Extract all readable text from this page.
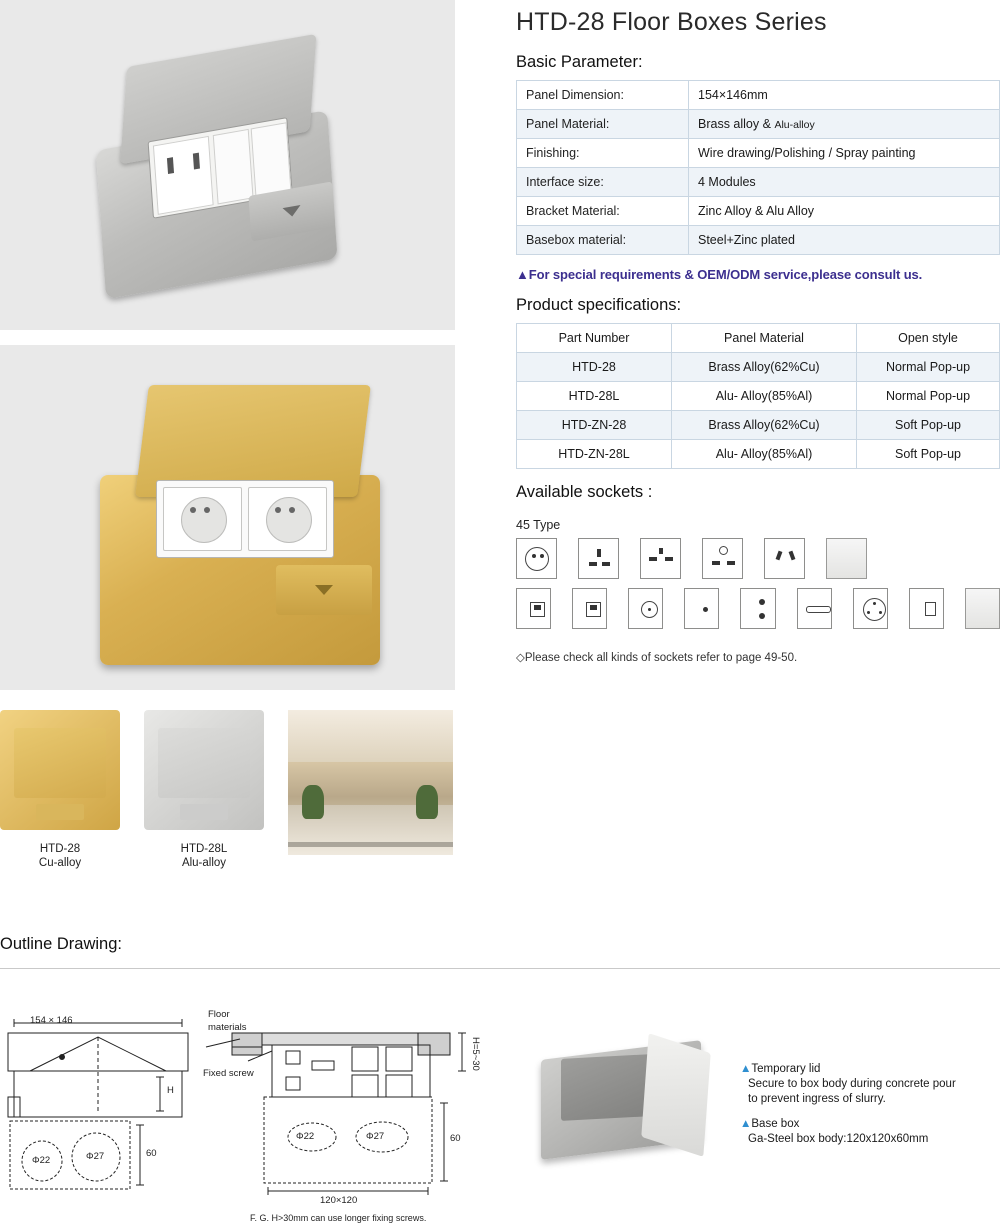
HTD-28
Cu-alloy
HTD-28L
Alu-alloy
HTD-28 Floor Boxes Series
Basic Parameter:
Panel Dimension:	154×146mm
Panel Material:	Brass alloy & Alu-alloy
Finishing:	Wire drawing/Polishing / Spray painting
Interface size:	4 Modules
Bracket Material:	Zinc Alloy & Alu Alloy
Basebox material:	Steel+Zinc plated
▲For special requirements & OEM/ODM service,please consult us.
Product specifications:
Part Number	Panel Material	Open style
HTD-28	Brass Alloy(62%Cu)	Normal Pop-up
HTD-28L	Alu- Alloy(85%Al)	Normal Pop-up
HTD-ZN-28	Brass Alloy(62%Cu)	Soft Pop-up
HTD-ZN-28L	Alu- Alloy(85%Al)	Soft Pop-up
Available sockets :
45 Type
◇Please check all kinds of sockets refer to page 49-50.
Outline Drawing:
154 × 146
H
60
Φ22	Φ27
Floor
materials
Fixed screw
H=5~30
60
120×120
Φ22	Φ27
F. G. H>30mm can use longer fixing screws.
▲Temporary lid
Secure to box body during concrete pour
to prevent ingress of slurry.
▲Base box
Ga-Steel box body:120x120x60mm
